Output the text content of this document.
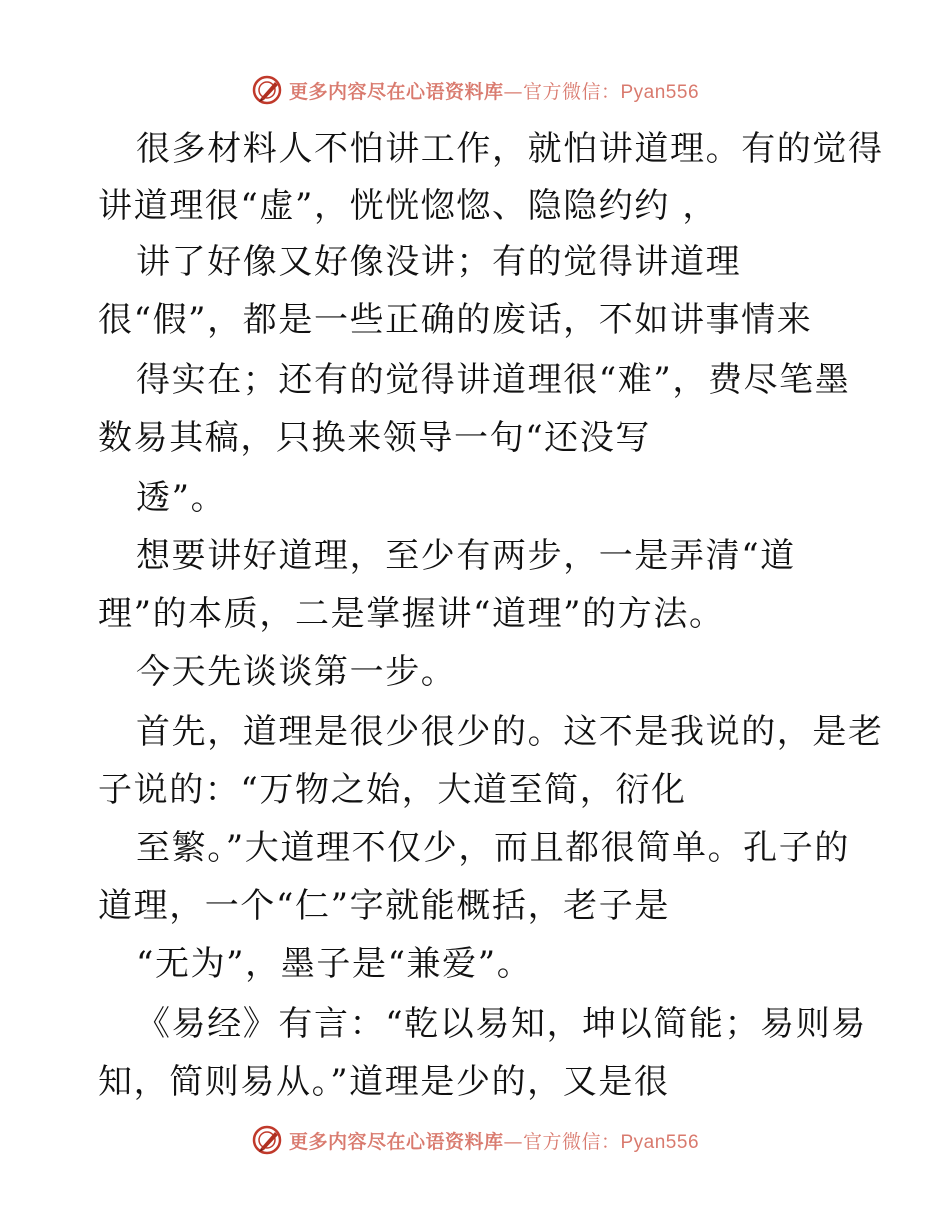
更多内容尽在心语资料库—官方微信：Pyan556
很多材料人不怕讲工作，就怕讲道理。有的觉得
讲道理很“虚”，恍恍惚惚、隐隐约约 ，
讲了好像又好像没讲；有的觉得讲道理
很“假”，都是一些正确的废话，不如讲事情来
得实在；还有的觉得讲道理很“难”，费尽笔墨
数易其稿，只换来领导一句“还没写
透”。
想要讲好道理，至少有两步，一是弄清“道
理”的本质，二是掌握讲“道理”的方法。
今天先谈谈第一步。
首先，道理是很少很少的。这不是我说的，是老
子说的：“万物之始，大道至简，衍化
至繁。”大道理不仅少，而且都很简单。孔子的
道理，一个“仁”字就能概括，老子是
“无为”，墨子是“兼爱”。
《易经》有言：“乾以易知，坤以简能；易则易
知，简则易从。”道理是少的，又是很
更多内容尽在心语资料库—官方微信：Pyan556
